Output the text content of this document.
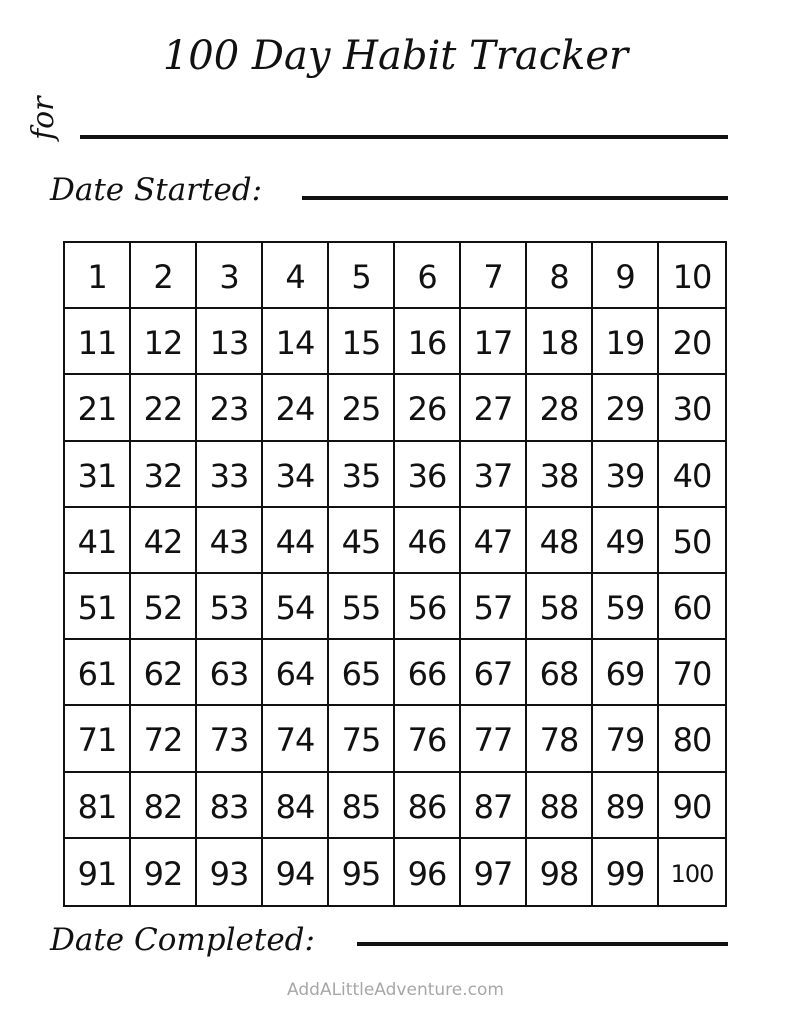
100 Day Habit Tracker
for
Date Started:
1	2	3	4	5	6	7	8	9	10
11 12 13 14 15 16 17 18 19 20
21 22 23 24 25 26 27 28 29 30
31 32 33 34 35 36 37 38 39 40
41 42 43 44 45 46 47 48 49 50
51 52 53 54 55 56 57 58 59 60
61 62 63 64 65 66 67 68 69 70
71 72 73 74 75 76 77 78 79 80
81 82 83 84 85 86 87 88 89 90
91 92 93 94 95 96 97 98 99	100
Date Completed:
AddALittleAdventure.com
